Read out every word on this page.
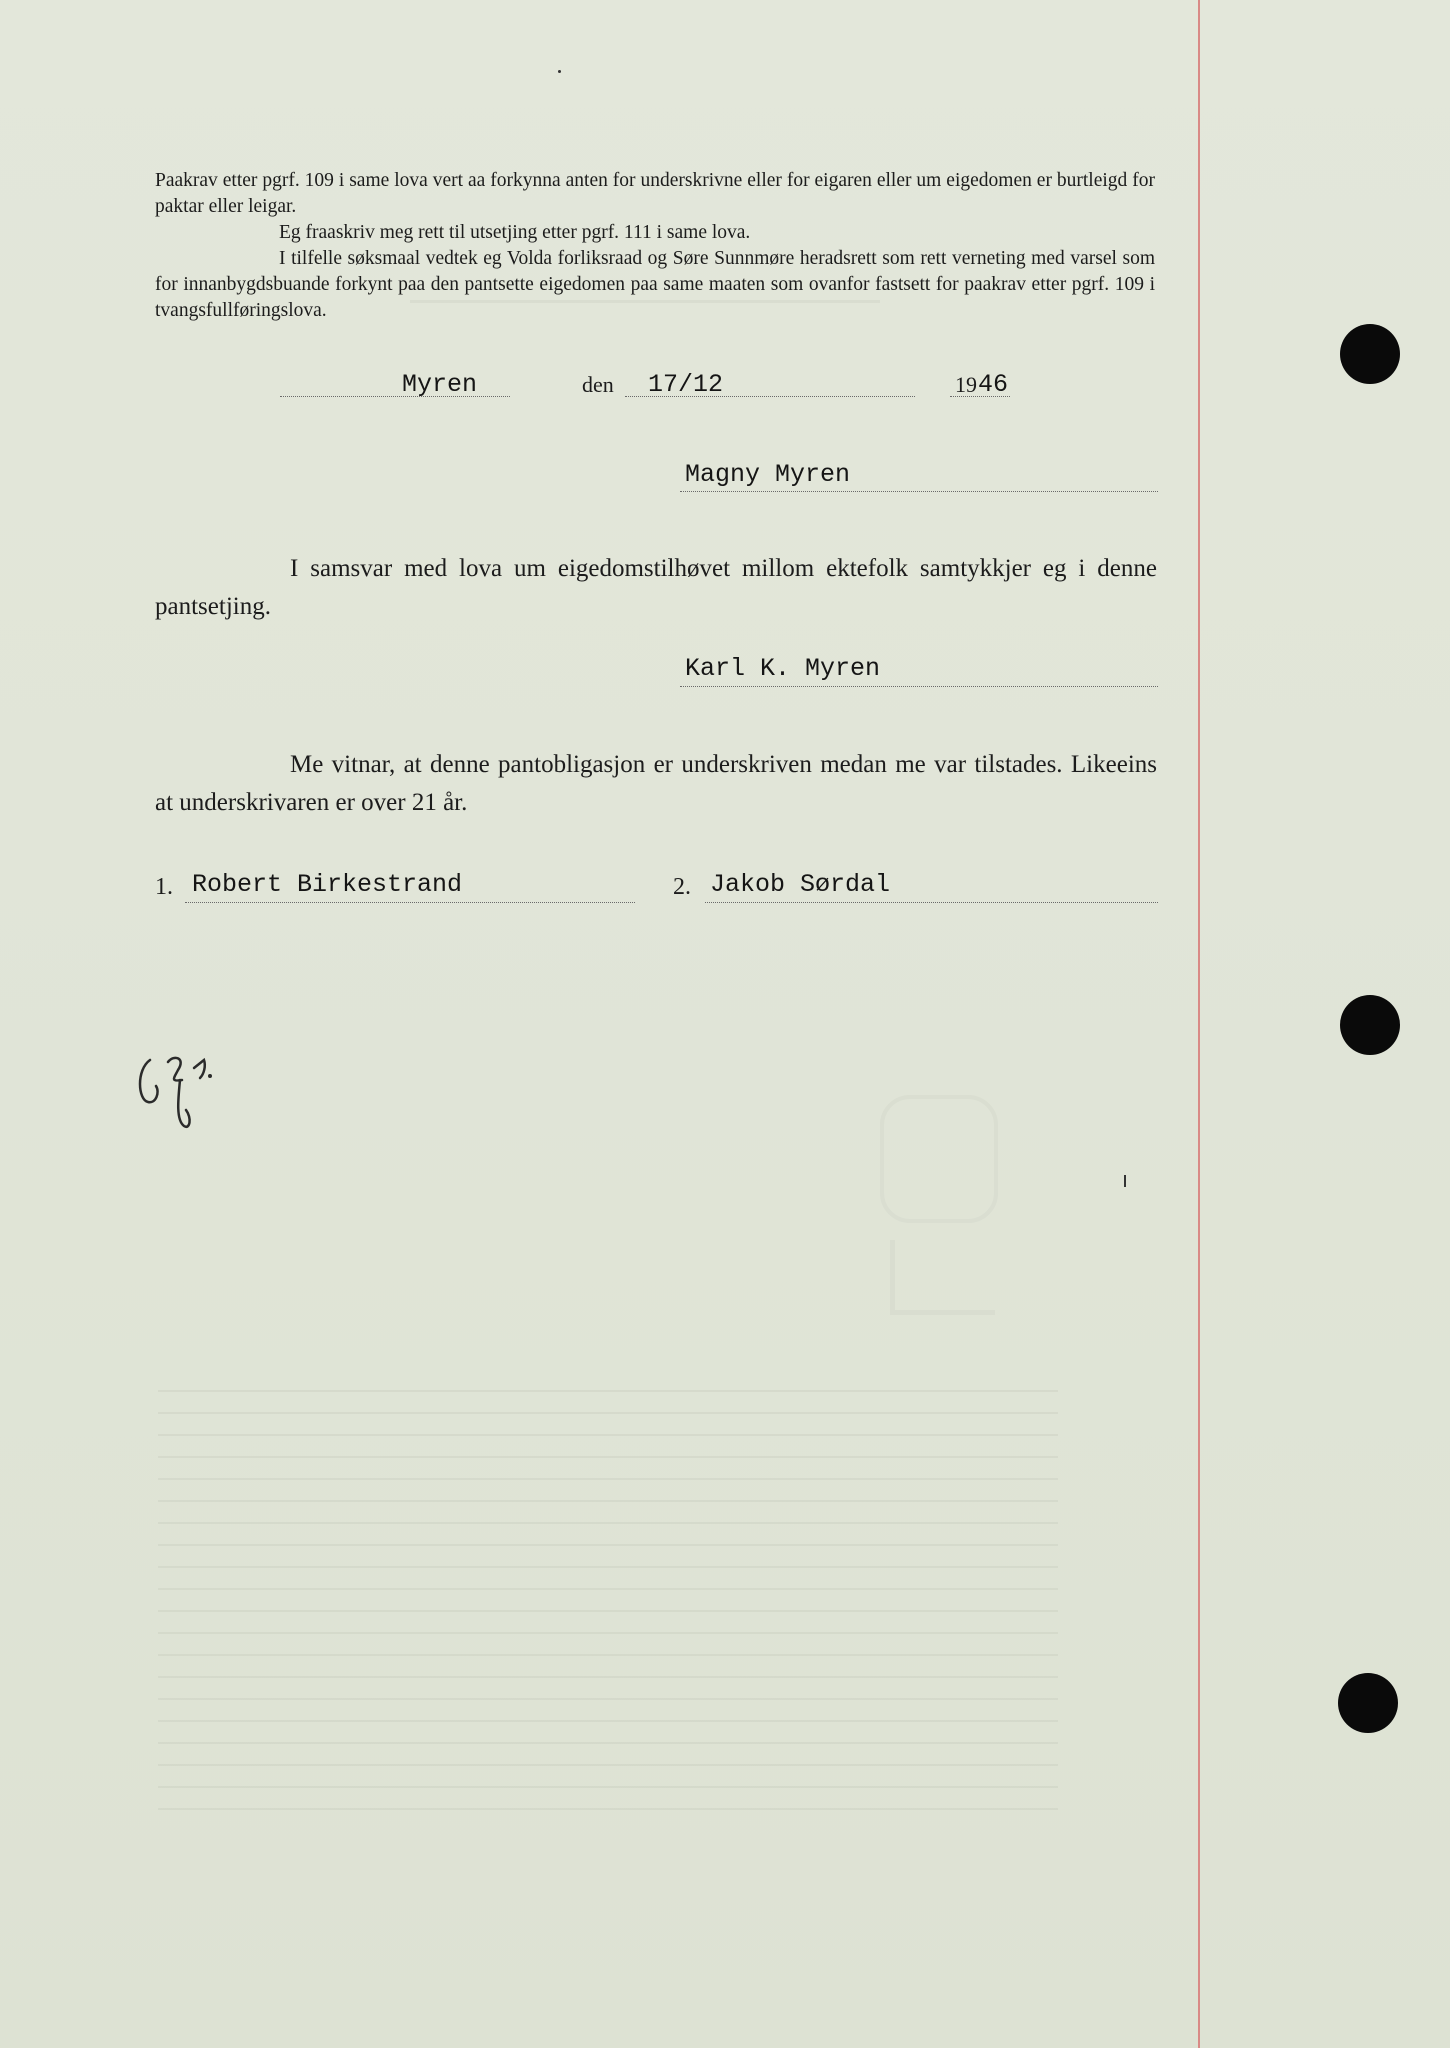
Paakrav etter pgrf. 109 i same lova vert aa forkynna anten for underskrivne eller for eigaren eller um eigedomen er burtleigd for paktar eller leigar.

Eg fraaskriv meg rett til utsetjing etter pgrf. 111 i same lova.

I tilfelle søksmaal vedtek eg Volda forliksraad og Søre Sunnmøre heradsrett som rett verneting med varsel som for innanbygdsbuande forkynt paa den pantsette eigedomen paa same maaten som ovanfor fastsett for paakrav etter pgrf. 109 i tvangsfullføringslova.

Myren	den 17/12	19 46
Magny Myren

I samsvar med lova um eigedomstilhøvet millom ektefolk samtykkjer eg i denne pantsetjing.

Karl K. Myren

Me vitnar, at denne pantobligasjon er underskriven medan me var tilstades. Likeeins at underskrivaren er over 21 år.

1. Robert Birkestrand	2. Jakob Sørdal
